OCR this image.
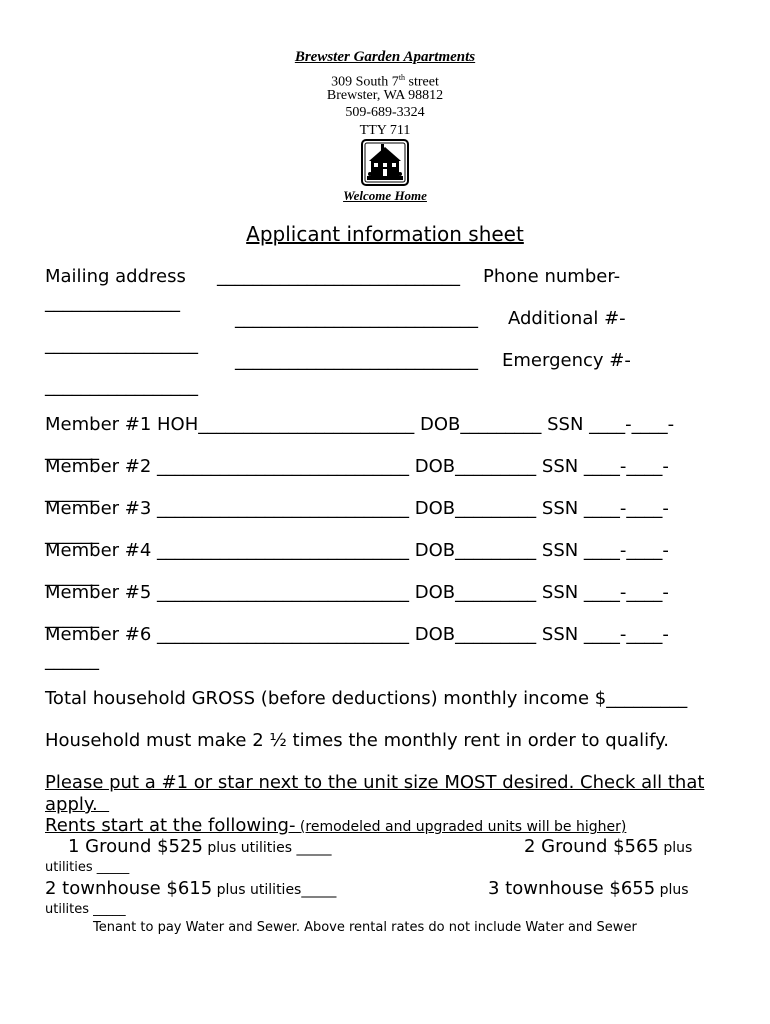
Brewster Garden Apartments
309 South 7th street
Brewster, WA 98812
509-689-3324
TTY 711
Welcome Home
Applicant information sheet
Mailing address ___________________________ Phone number-
_______________
___________________________ Additional #-
_________________
___________________________ Emergency #-
_________________
Member #1 HOH________________________ DOB_________ SSN ____-____-
______
Member #2 ____________________________ DOB_________ SSN ____-____-
______
Member #3 ____________________________ DOB_________ SSN ____-____-
______
Member #4 ____________________________ DOB_________ SSN ____-____-
______
Member #5 ____________________________ DOB_________ SSN ____-____-
______
Member #6 ____________________________ DOB_________ SSN ____-____-
______
Total household GROSS (before deductions) monthly income $_________
Household must make 2 ½ times the monthly rent in order to qualify.
Please put a #1 or star next to the unit size MOST desired. Check all that
apply.
Rents start at the following- (remodeled and upgraded units will be higher)
1 Ground $525 plus utilities _____	2 Ground $565 plus
utilities _____
2 townhouse $615 plus utilities_____	3 townhouse $655 plus
utilites _____
Tenant to pay Water and Sewer. Above rental rates do not include Water and Sewer
